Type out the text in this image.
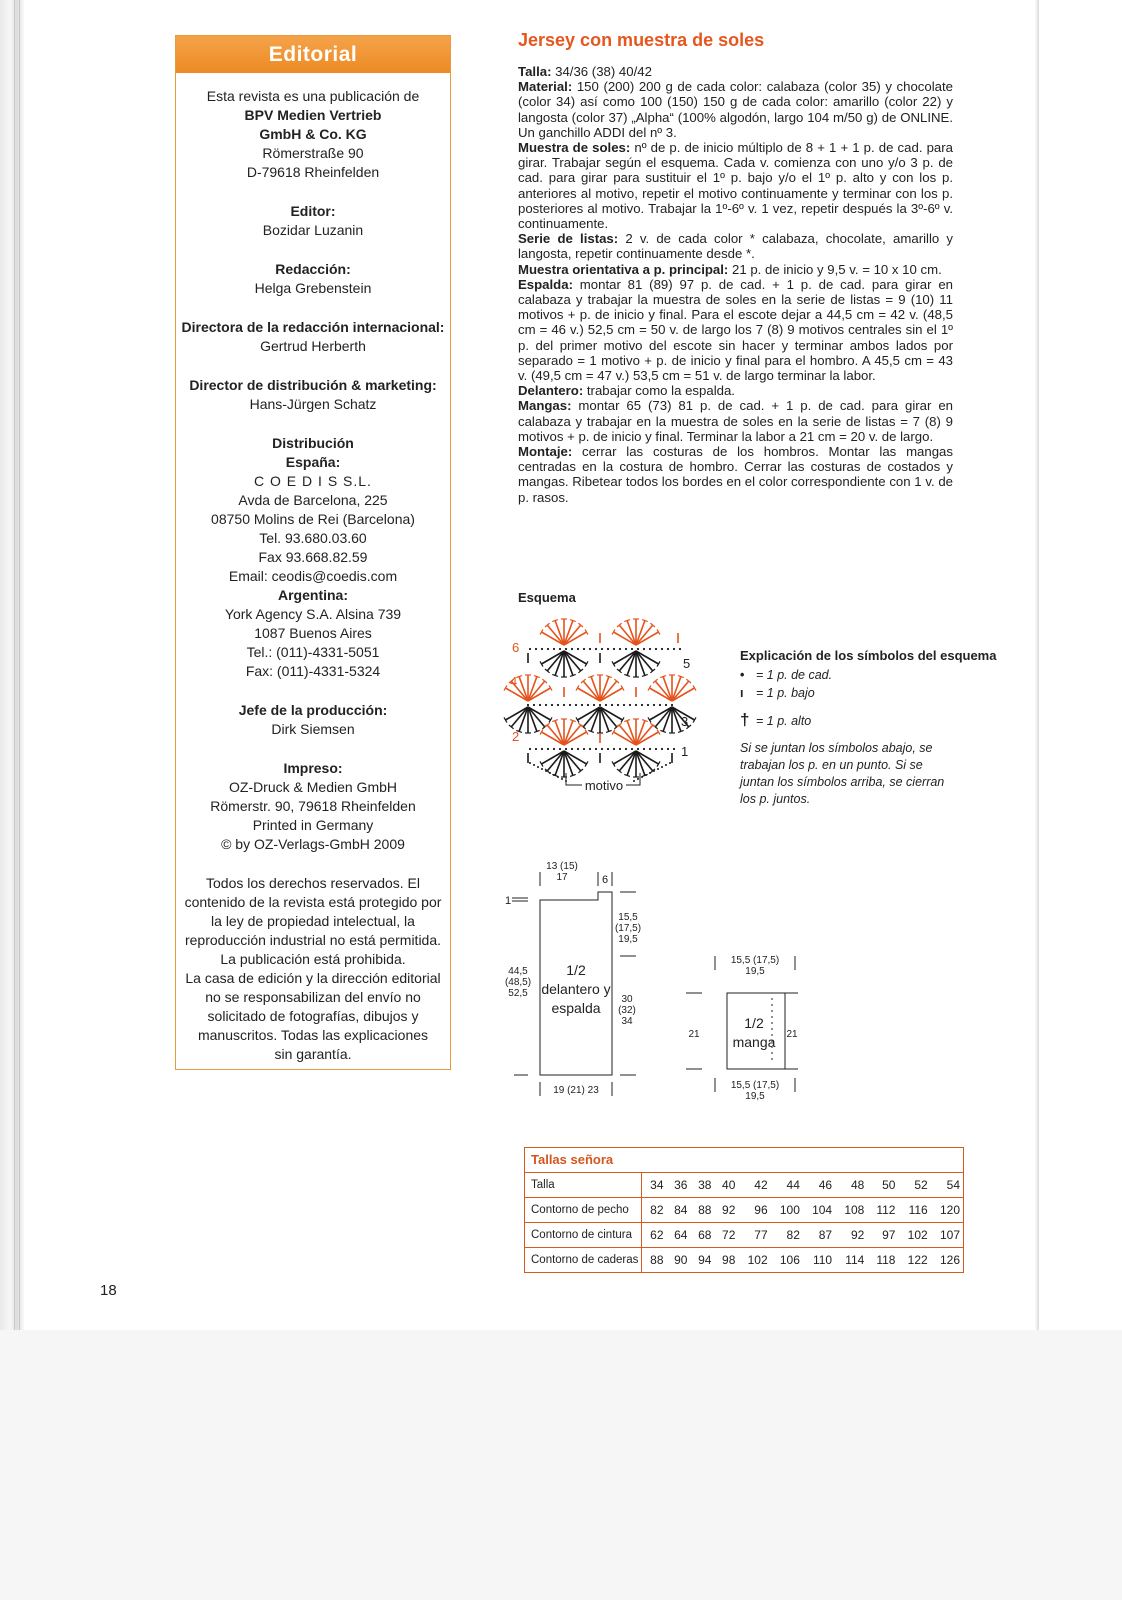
Editorial
Esta revista es una publicación de
BPV Medien Vertrieb
GmbH & Co. KG
Römerstraße 90
D-79618 Rheinfelden
Editor:
Bozidar Luzanin
Redacción:
Helga Grebenstein
Directora de la redacción internacional:
Gertrud Herberth
Director de distribución & marketing:
Hans-Jürgen Schatz
Distribución
España:
C O E D I S S.L.
Avda de Barcelona, 225
08750 Molins de Rei (Barcelona)
Tel. 93.680.03.60
Fax 93.668.82.59
Email: ceodis@coedis.com
Argentina:
York Agency S.A. Alsina 739
1087 Buenos Aires
Tel.: (011)-4331-5051
Fax: (011)-4331-5324
Jefe de la producción:
Dirk Siemsen
Impreso:
OZ-Druck & Medien GmbH
Römerstr. 90, 79618 Rheinfelden
Printed in Germany
© by OZ-Verlags-GmbH 2009
Todos los derechos reservados. El
contenido de la revista está protegido por
la ley de propiedad intelectual, la
reproducción industrial no está permitida.
La publicación está prohibida.
La casa de edición y la dirección editorial
no se responsabilizan del envío no
solicitado de fotografías, dibujos y
manuscritos. Todas las explicaciones
sin garantía.
Jersey con muestra de soles

Talla: 34/36 (38) 40/42

Material: 150 (200) 200 g de cada color: calabaza (color 35) y chocolate (color 34) así como 100 (150) 150 g de cada color: amarillo (color 22) y langosta (color 37) „Alpha“ (100% algodón, largo 104 m/50 g) de ONLINE. Un ganchillo ADDI del nº 3.

Muestra de soles: nº de p. de inicio múltiplo de 8 + 1 + 1 p. de cad. para girar. Trabajar según el esquema. Cada v. comienza con uno y/o 3 p. de cad. para girar para sustituir el 1º p. bajo y/o el 1º p. alto y con los p. anteriores al motivo, repetir el motivo continuamente y terminar con los p. posteriores al motivo. Trabajar la 1º-6º v. 1 vez, repetir después la 3º-6º v. continuamente.

Serie de listas: 2 v. de cada color * calabaza, chocolate, amarillo y langosta, repetir continuamente desde *.

Muestra orientativa a p. principal: 21 p. de inicio y 9,5 v. = 10 x 10 cm.

Espalda: montar 81 (89) 97 p. de cad. + 1 p. de cad. para girar en calabaza y trabajar la muestra de soles en la serie de listas = 9 (10) 11 motivos + p. de inicio y final. Para el escote dejar a 44,5 cm = 42 v. (48,5 cm = 46 v.) 52,5 cm = 50 v. de largo los 7 (8) 9 motivos centrales sin el 1º p. del primer motivo del escote sin hacer y terminar ambos lados por separado = 1 motivo + p. de inicio y final para el hombro. A 45,5 cm = 43 v. (49,5 cm = 47 v.) 53,5 cm = 51 v. de largo terminar la labor.

Delantero: trabajar como la espalda.

Mangas: montar 65 (73) 81 p. de cad. + 1 p. de cad. para girar en calabaza y trabajar en la muestra de soles en la serie de listas = 7 (8) 9 motivos + p. de inicio y final. Terminar la labor a 21 cm = 20 v. de largo.

Montaje: cerrar las costuras de los hombros. Montar las mangas centradas en la costura de hombro. Cerrar las costuras de costados y mangas. Ribetear todos los bordes en el color correspondiente con 1 v. de p. rasos.

Esquema
6
4
2
5
3
1
motivo
Explicación de los símbolos del esquema
• = 1 p. de cad.
ı = 1 p. bajo
† = 1 p. alto
Si se juntan los símbolos abajo, se
trabajan los p. en un punto. Si se
juntan los símbolos arriba, se cierran
los p. juntos.
13 (15)
17	6
1
15,5
(17,5)
19,5
44,5
(48,5)
52,5
1/2
delantero y
espalda
30
(32)
34
19 (21) 23
15,5 (17,5)
19,5
21	21
1/2
manga
15,5 (17,5)
19,5
Tallas señora
Talla	34	36	38	40	42	44	46	48	50	52	54
Contorno de pecho	82	84	88	92	96	100	104	108	112	116	120
Contorno de cintura	62	64	68	72	77	82	87	92	97	102	107
Contorno de caderas	88	90	94	98	102	106	110	114	118	122	126
18
